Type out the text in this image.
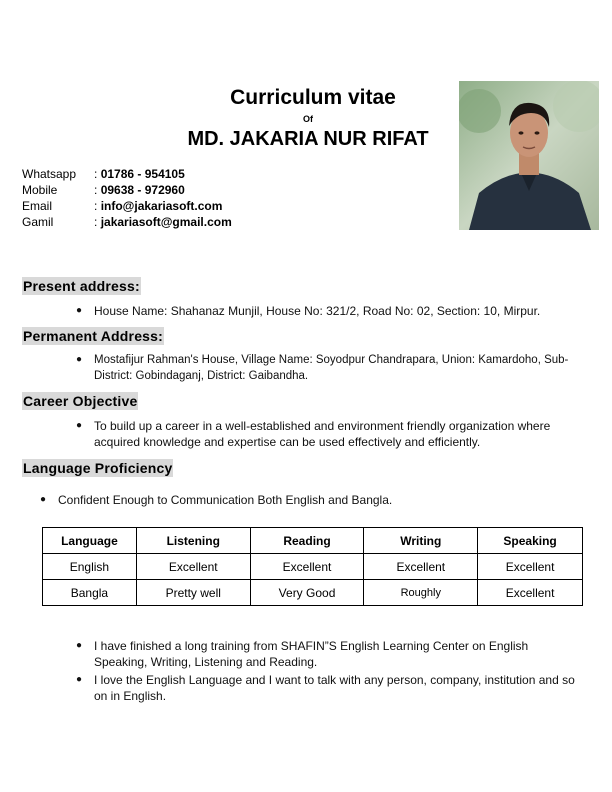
Curriculum vitae
Of
MD. JAKARIA NUR RIFAT
Whatsapp	: 01786 - 954105
Mobile	: 09638 - 972960
Email	: info@jakariasoft.com
Gamil	: jakariasoft@gmail.com
Present address:
● House Name: Shahanaz Munjil, House No: 321/2, Road No: 02, Section: 10, Mirpur.
Permanent Address:
● Mostafijur Rahman's House, Village Name: Soyodpur Chandrapara, Union: Kamardoho, Sub-District: Gobindaganj, District: Gaibandha.
Career Objective
● To build up a career in a well-established and environment friendly organization where acquired knowledge and expertise can be used effectively and efficiently.
Language Proficiency
● Confident Enough to Communication Both English and Bangla.
Language	Listening	Reading	Writing	Speaking
English	Excellent	Excellent	Excellent	Excellent
Bangla	Pretty well	Very Good	Roughly	Excellent
● I have finished a long training from SHAFIN”S English Learning Center on English Speaking, Writing, Listening and Reading.
● I love the English Language and I want to talk with any person, company, institution and so on in English.
